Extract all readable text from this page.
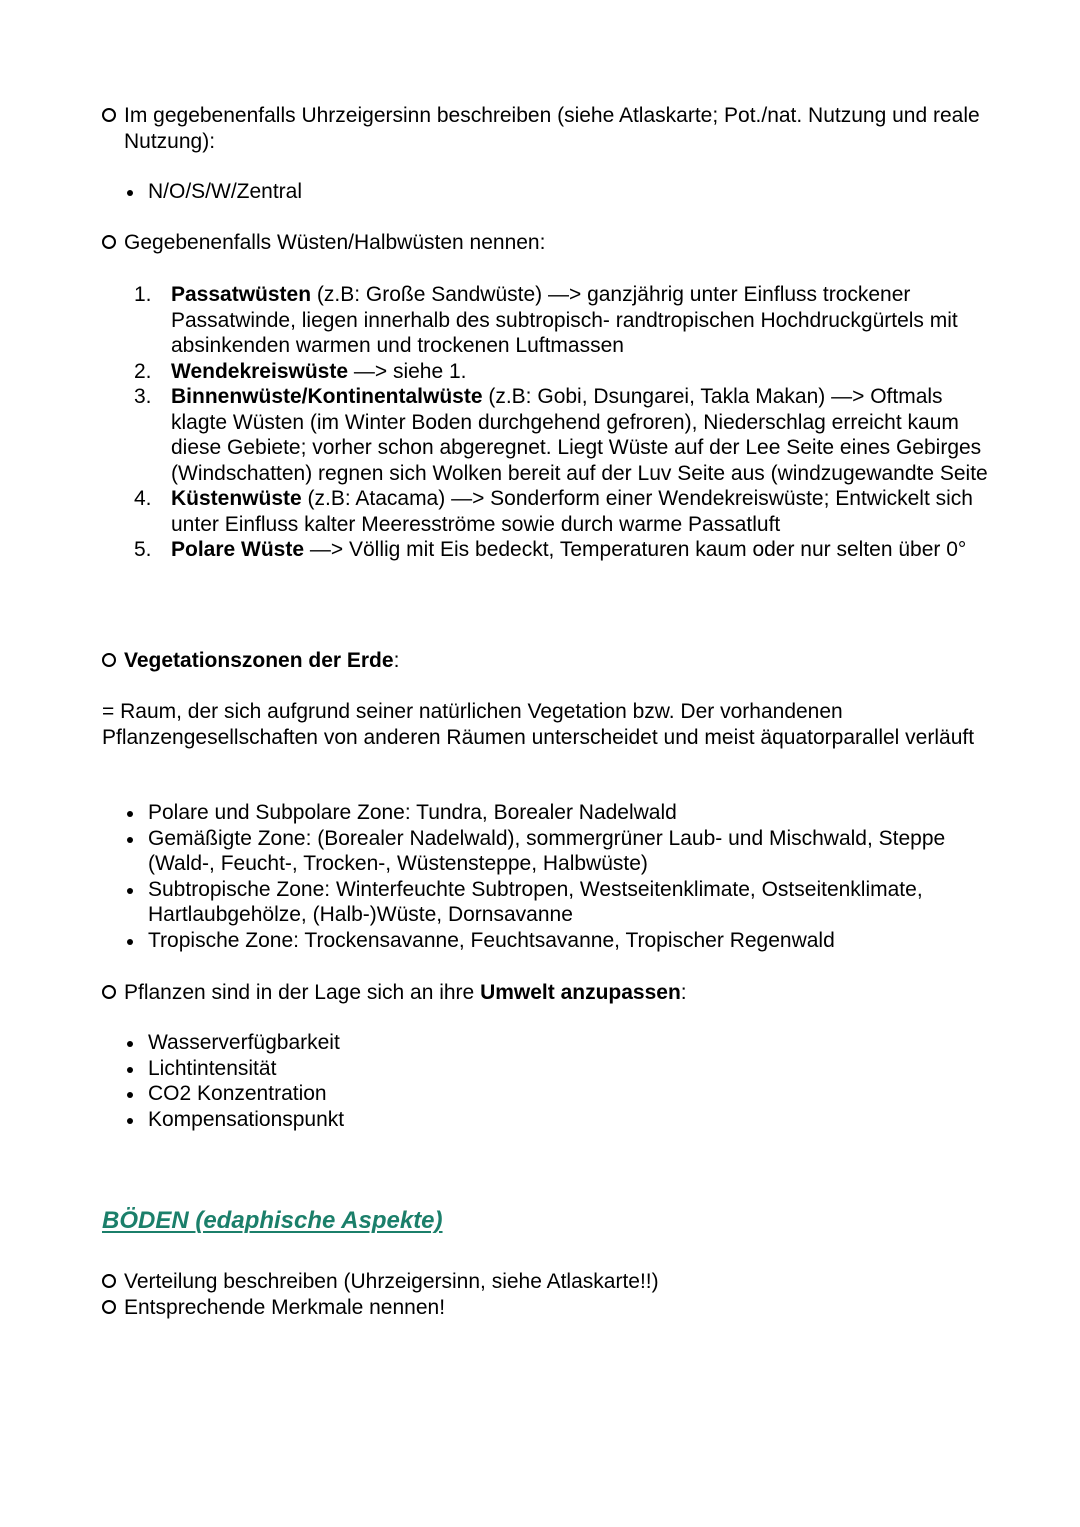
Im gegebenenfalls Uhrzeigersinn beschreiben (siehe Atlaskarte; Pot./nat. Nutzung und reale Nutzung):
N/O/S/W/Zentral
Gegebenenfalls Wüsten/Halbwüsten nennen:
1. Passatwüsten (z.B: Große Sandwüste) —> ganzjährig unter Einfluss trockener Passatwinde, liegen innerhalb des subtropisch- randtropischen Hochdruckgürtels mit absinkenden warmen und trockenen Luftmassen
2. Wendekreiswüste —> siehe 1.
3. Binnenwüste/Kontinentalwüste (z.B: Gobi, Dsungarei, Takla Makan) —> Oftmals klagte Wüsten (im Winter Boden durchgehend gefroren), Niederschlag erreicht kaum diese Gebiete; vorher schon abgeregnet. Liegt Wüste auf der Lee Seite eines Gebirges (Windschatten) regnen sich Wolken bereit auf der Luv Seite aus (windzugewandte Seite
4. Küstenwüste (z.B: Atacama) —> Sonderform einer Wendekreiswüste; Entwickelt sich unter Einfluss kalter Meeresströme sowie durch warme Passatluft
5. Polare Wüste —> Völlig mit Eis bedeckt, Temperaturen kaum oder nur selten über 0°
Vegetationszonen der Erde:
= Raum, der sich aufgrund seiner natürlichen Vegetation bzw. Der vorhandenen Pflanzengesellschaften von anderen Räumen unterscheidet und meist äquatorparallel verläuft
Polare und Subpolare Zone: Tundra, Borealer Nadelwald
Gemäßigte Zone: (Borealer Nadelwald), sommergrüner Laub- und Mischwald, Steppe (Wald-, Feucht-, Trocken-, Wüstensteppe, Halbwüste)
Subtropische Zone: Winterfeuchte Subtropen, Westseitenklimate, Ostseitenklimate, Hartlaubgehölze, (Halb-)Wüste, Dornsavanne
Tropische Zone: Trockensavanne, Feuchtsavanne, Tropischer Regenwald
Pflanzen sind in der Lage sich an ihre Umwelt anzupassen:
Wasserverfügbarkeit
Lichtintensität
CO2 Konzentration
Kompensationspunkt
BÖDEN (edaphische Aspekte)
Verteilung beschreiben (Uhrzeigersinn, siehe Atlaskarte!!)
Entsprechende Merkmale nennen!
